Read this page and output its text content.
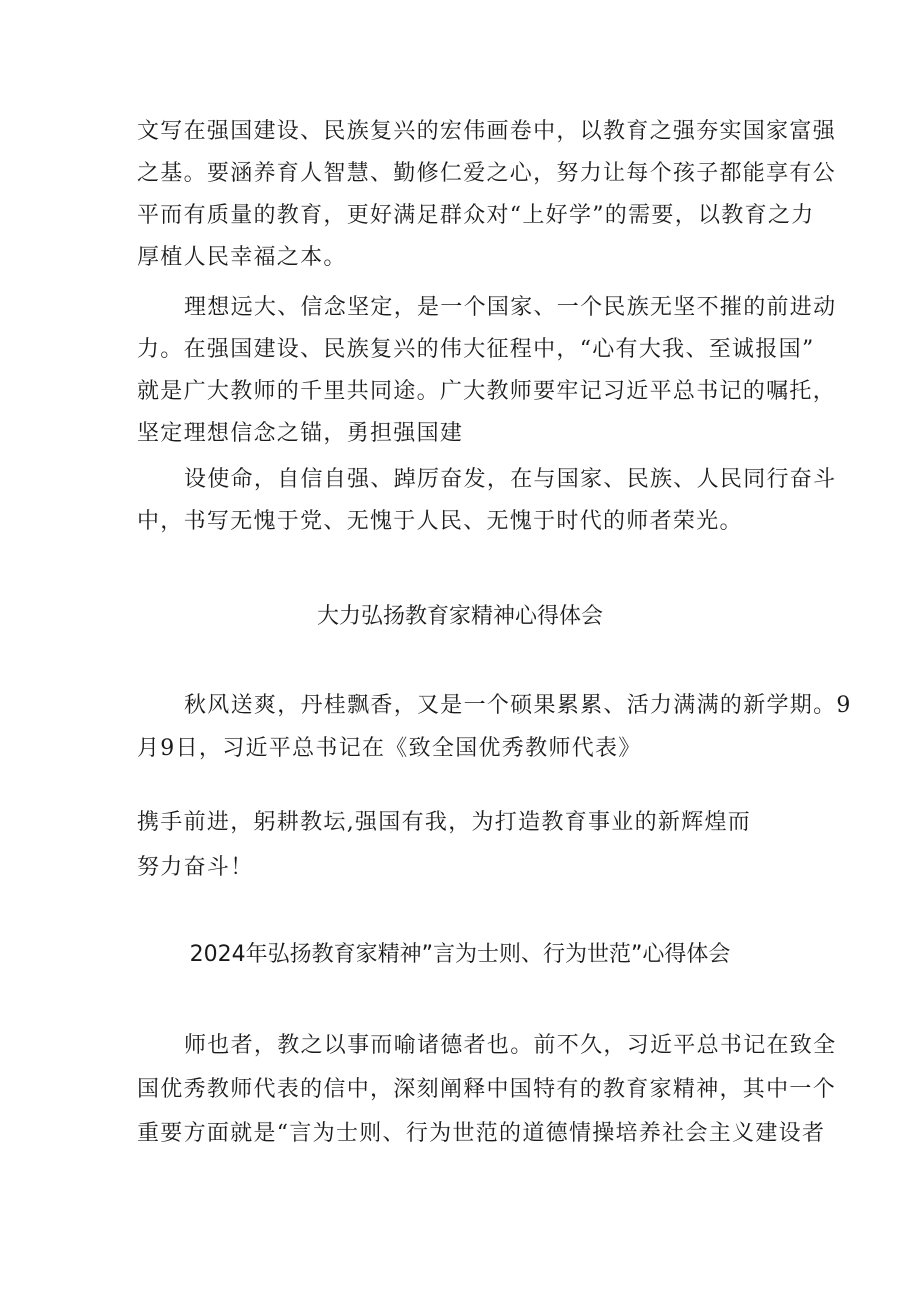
文写在强国建设、民族复兴的宏伟画卷中，以教育之强夯实国家富强
之基。要涵养育人智慧、勤修仁爱之心，努力让每个孩子都能享有公
平而有质量的教育，更好满足群众对“上好学”的需要，以教育之力
厚植人民幸福之本。
理想远大、信念坚定，是一个国家、一个民族无坚不摧的前进动
力。在强国建设、民族复兴的伟大征程中，“心有大我、至诚报国”
就是广大教师的千里共同途。广大教师要牢记习近平总书记的嘱托，
坚定理想信念之锚，勇担强国建
设使命，自信自强、踔厉奋发，在与国家、民族、人民同行奋斗
中，书写无愧于党、无愧于人民、无愧于时代的师者荣光。
大力弘扬教育家精神心得体会
秋风送爽，丹桂飘香，又是一个硕果累累、活力满满的新学期。9
月9日，习近平总书记在《致全国优秀教师代表》
携手前进，躬耕教坛,强国有我，为打造教育事业的新辉煌而
努力奋斗！
2024年弘扬教育家精神”言为士则、行为世范”心得体会
师也者，教之以事而喻诸德者也。前不久，习近平总书记在致全
国优秀教师代表的信中，深刻阐释中国特有的教育家精神，其中一个
重要方面就是“言为士则、行为世范的道德情操培养社会主义建设者
